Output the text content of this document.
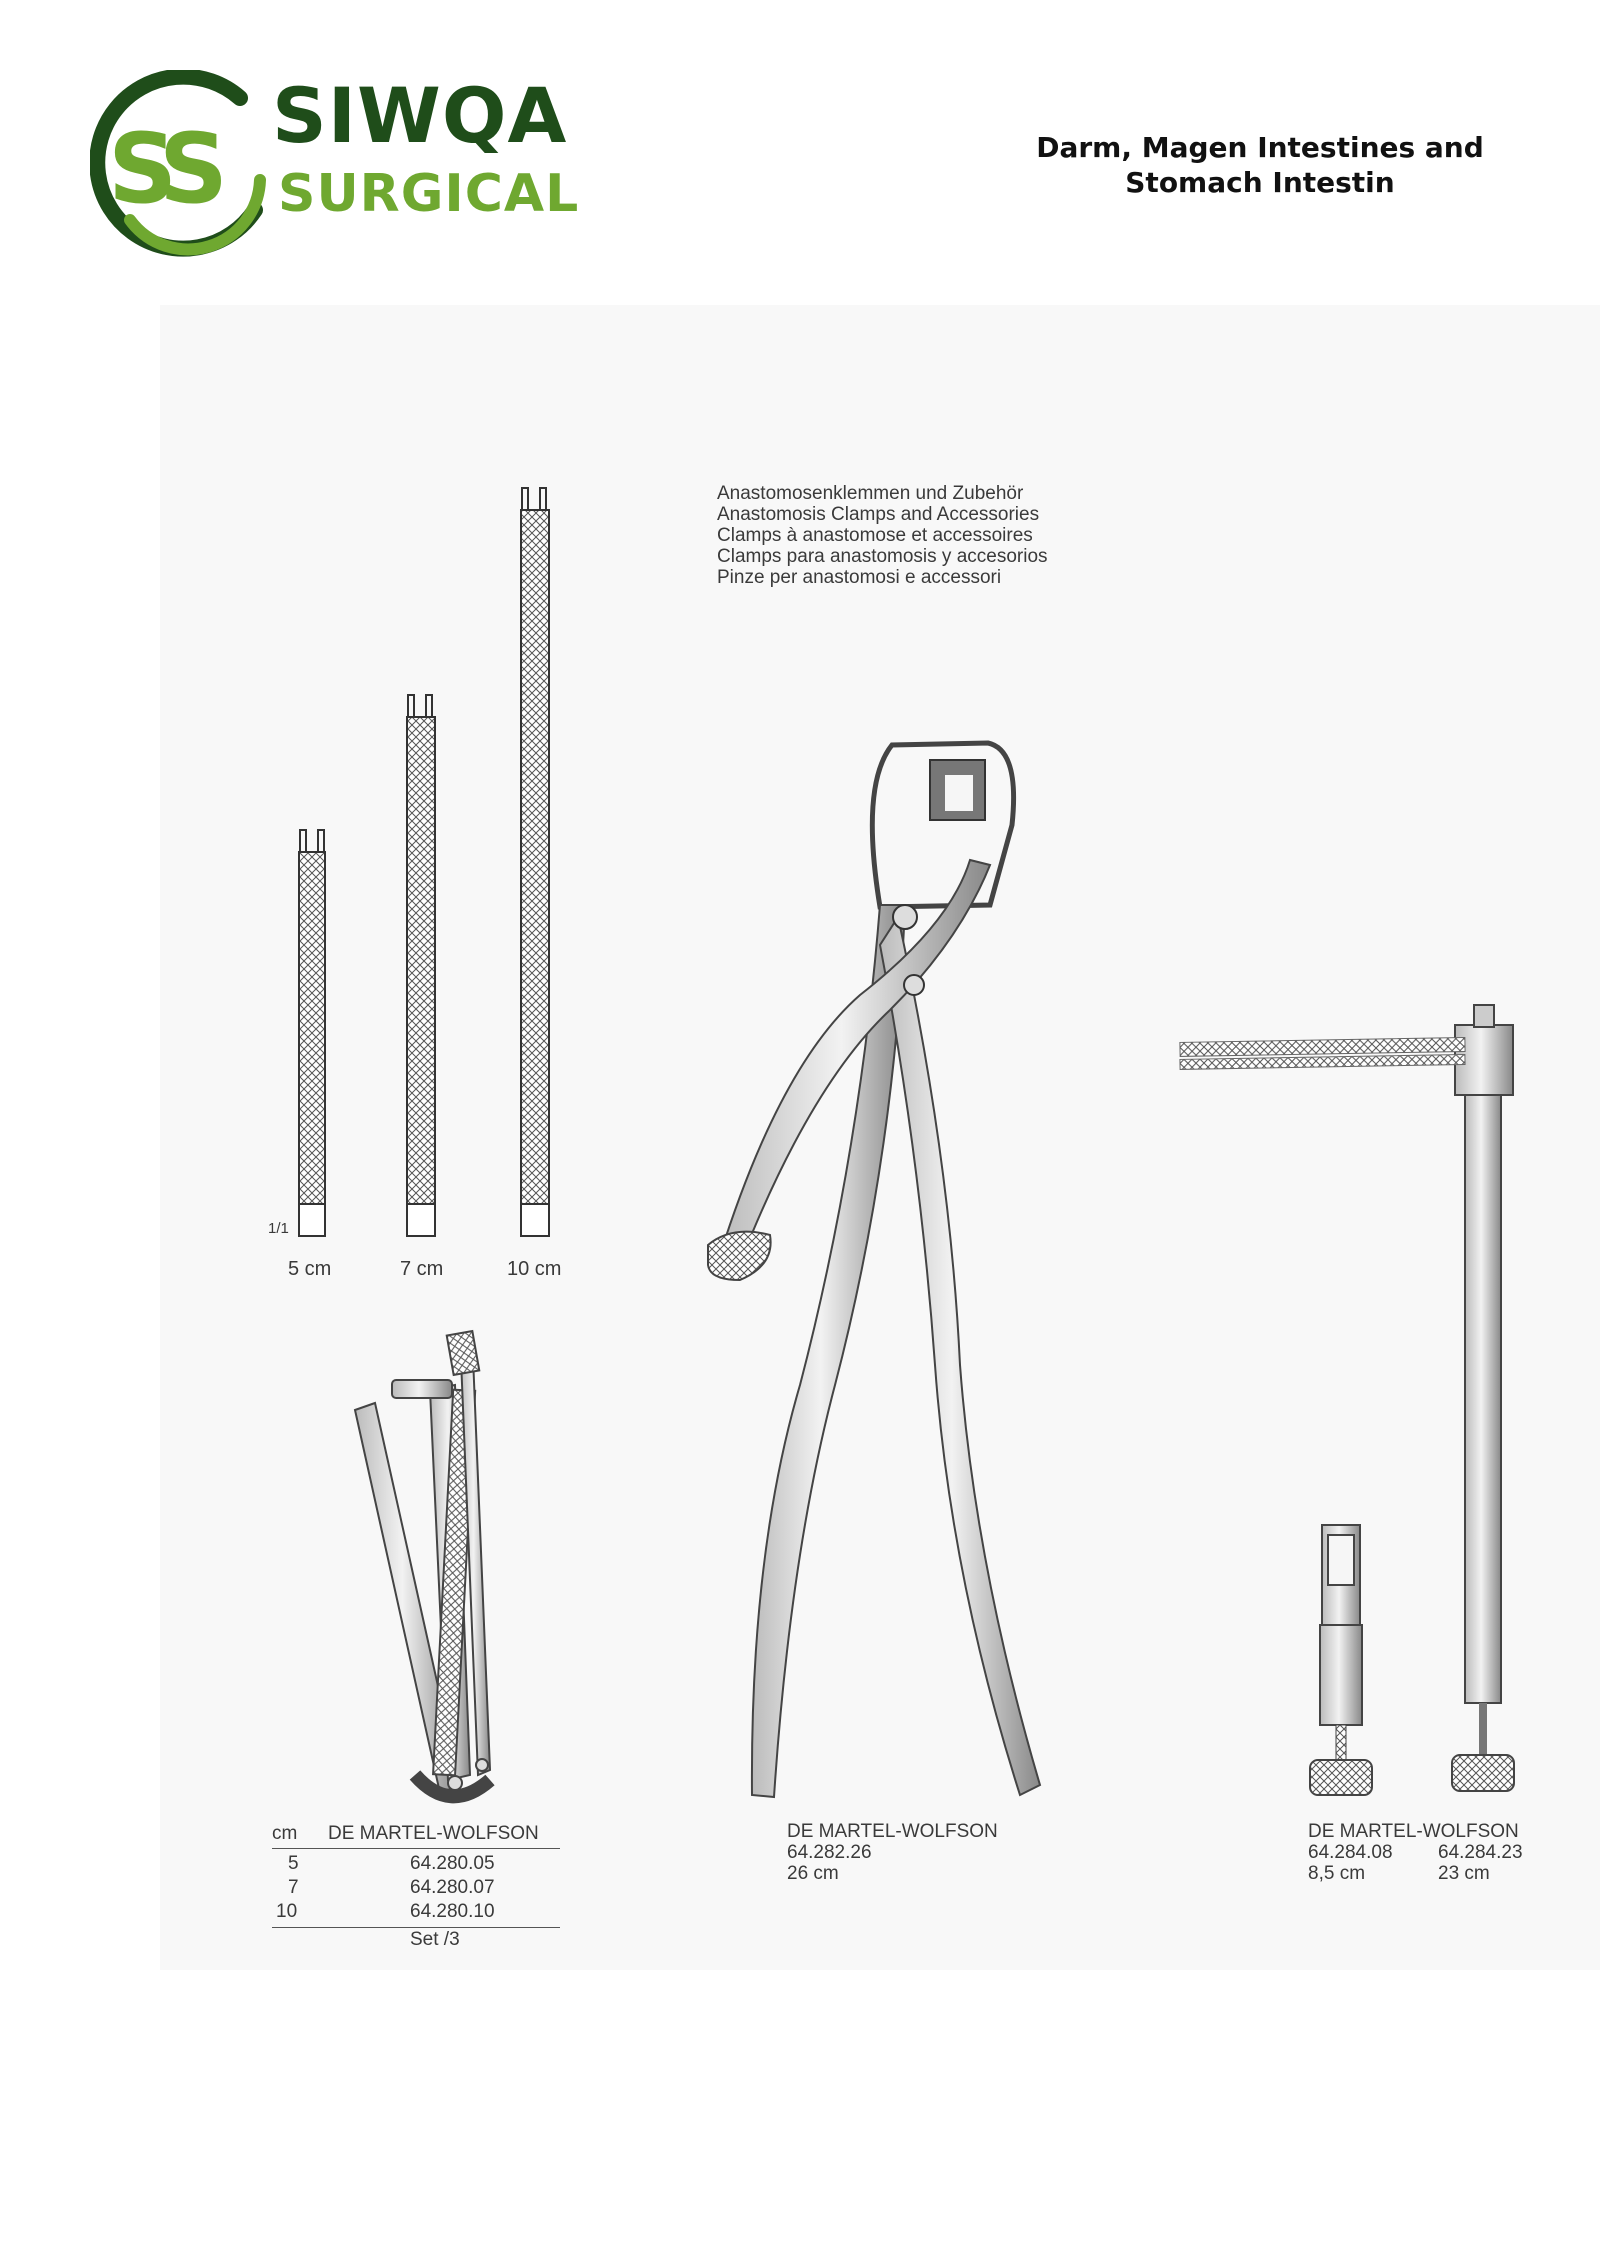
SS SIWQA
SURGICAL
Darm, Magen Intestines and
Stomach Intestin
Anastomosenklemmen und Zubehör
Anastomosis Clamps and Accessories
Clamps à anastomose et accessoires
Clamps para anastomosis y accesorios
Pinze per anastomosi e accessori
1/1
5 cm	7 cm	10 cm
cm DE MARTEL-WOLFSON
5	64.280.05
7	64.280.07
10	64.280.10
Set /3
DE MARTEL-WOLFSON
64.282.26
26 cm
DE MARTEL-WOLFSON
64.284.08 64.284.23
8,5 cm	23 cm
